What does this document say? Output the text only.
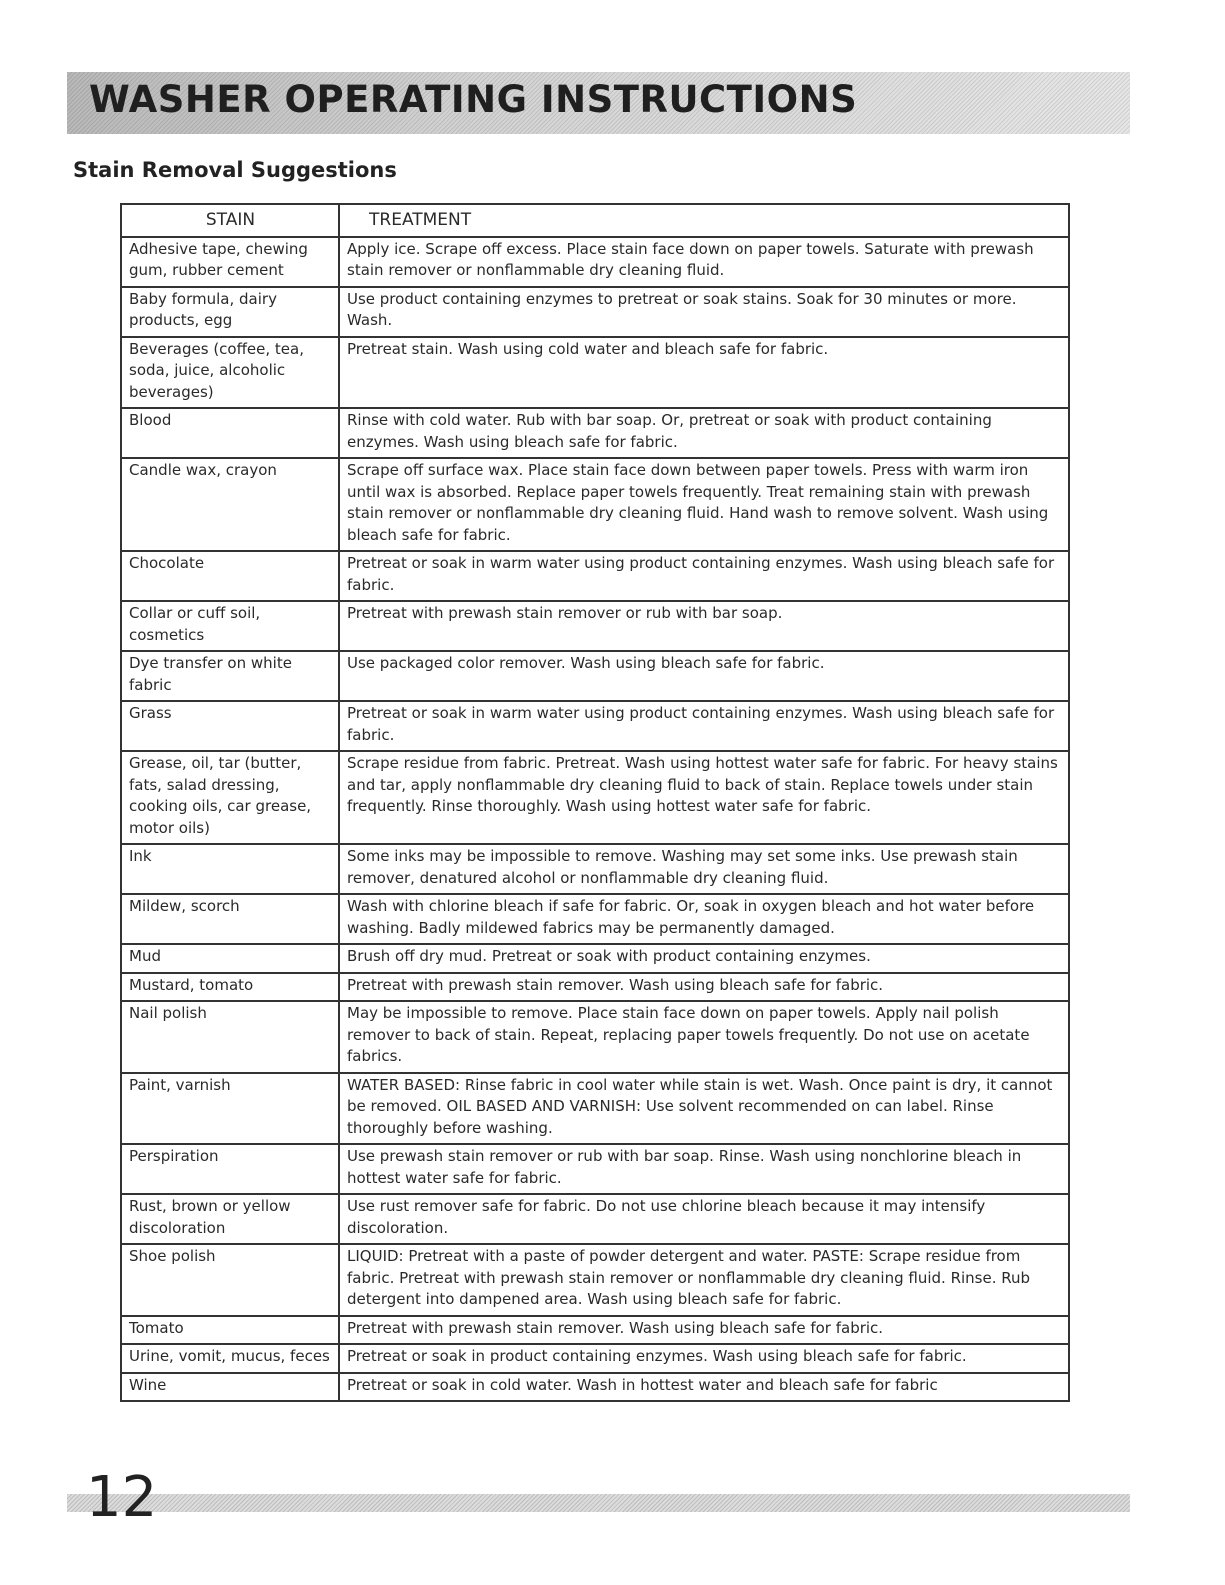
WASHER OPERATING INSTRUCTIONS
Stain Removal Suggestions
STAIN	TREATMENT
Adhesive tape, chewing gum, rubber cement	Apply ice. Scrape off excess. Place stain face down on paper towels. Saturate with prewash stain remover or nonflammable dry cleaning fluid.
Baby formula, dairy products, egg	Use product containing enzymes to pretreat or soak stains. Soak for 30 minutes or more. Wash.
Beverages (coffee, tea, soda, juice, alcoholic beverages)	Pretreat stain. Wash using cold water and bleach safe for fabric.
Blood	Rinse with cold water. Rub with bar soap. Or, pretreat or soak with product containing enzymes. Wash using bleach safe for fabric.
Candle wax, crayon	Scrape off surface wax. Place stain face down between paper towels. Press with warm iron until wax is absorbed. Replace paper towels frequently. Treat remaining stain with prewash stain remover or nonflammable dry cleaning fluid. Hand wash to remove solvent. Wash using bleach safe for fabric.
Chocolate	Pretreat or soak in warm water using product containing enzymes. Wash using bleach safe for fabric.
Collar or cuff soil, cosmetics	Pretreat with prewash stain remover or rub with bar soap.
Dye transfer on white fabric	Use packaged color remover. Wash using bleach safe for fabric.
Grass	Pretreat or soak in warm water using product containing enzymes. Wash using bleach safe for fabric.
Grease, oil, tar (butter, fats, salad dressing, cooking oils, car grease, motor oils)	Scrape residue from fabric. Pretreat. Wash using hottest water safe for fabric. For heavy stains and tar, apply nonflammable dry cleaning fluid to back of stain. Replace towels under stain frequently. Rinse thoroughly. Wash using hottest water safe for fabric.
Ink	Some inks may be impossible to remove. Washing may set some inks. Use prewash stain remover, denatured alcohol or nonflammable dry cleaning fluid.
Mildew, scorch	Wash with chlorine bleach if safe for fabric. Or, soak in oxygen bleach and hot water before washing. Badly mildewed fabrics may be permanently damaged.
Mud	Brush off dry mud. Pretreat or soak with product containing enzymes.
Mustard, tomato	Pretreat with prewash stain remover. Wash using bleach safe for fabric.
Nail polish	May be impossible to remove. Place stain face down on paper towels. Apply nail polish remover to back of stain. Repeat, replacing paper towels frequently. Do not use on acetate fabrics.
Paint, varnish	WATER BASED: Rinse fabric in cool water while stain is wet. Wash. Once paint is dry, it cannot be removed. OIL BASED AND VARNISH: Use solvent recommended on can label. Rinse thoroughly before washing.
Perspiration	Use prewash stain remover or rub with bar soap. Rinse. Wash using nonchlorine bleach in hottest water safe for fabric.
Rust, brown or yellow discoloration	Use rust remover safe for fabric. Do not use chlorine bleach because it may intensify discoloration.
Shoe polish	LIQUID: Pretreat with a paste of powder detergent and water. PASTE: Scrape residue from fabric. Pretreat with prewash stain remover or nonflammable dry cleaning fluid. Rinse. Rub detergent into dampened area. Wash using bleach safe for fabric.
Tomato	Pretreat with prewash stain remover. Wash using bleach safe for fabric.
Urine, vomit, mucus, feces	Pretreat or soak in product containing enzymes. Wash using bleach safe for fabric.
Wine	Pretreat or soak in cold water. Wash in hottest water and bleach safe for fabric
12
